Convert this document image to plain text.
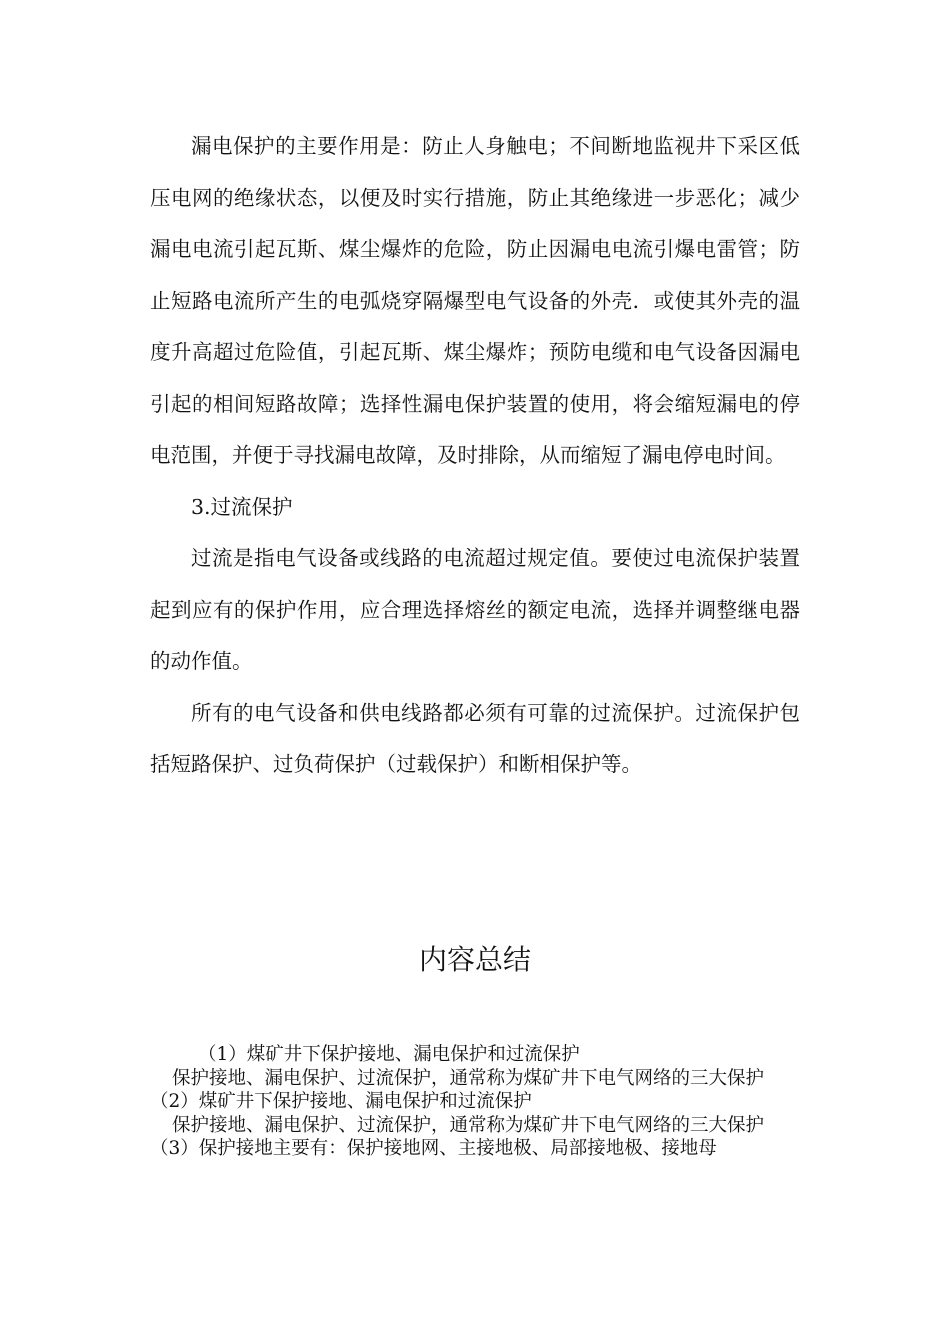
漏电保护的主要作用是：防止人身触电；不间断地监视井下采区低压电网的绝缘状态，以便及时实行措施，防止其绝缘进一步恶化；减少漏电电流引起瓦斯、煤尘爆炸的危险，防止因漏电电流引爆电雷管；防止短路电流所产生的电弧烧穿隔爆型电气设备的外壳．或使其外壳的温度升高超过危险值，引起瓦斯、煤尘爆炸；预防电缆和电气设备因漏电引起的相间短路故障；选择性漏电保护装置的使用，将会缩短漏电的停电范围，并便于寻找漏电故障，及时排除，从而缩短了漏电停电时间。

3.过流保护

过流是指电气设备或线路的电流超过规定值。要使过电流保护装置起到应有的保护作用，应合理选择熔丝的额定电流，选择并调整继电器的动作值。

所有的电气设备和供电线路都必须有可靠的过流保护。过流保护包括短路保护、过负荷保护（过载保护）和断相保护等。

内容总结

（1）煤矿井下保护接地、漏电保护和过流保护

保护接地、漏电保护、过流保护，通常称为煤矿井下电气网络的三大保护

（2）煤矿井下保护接地、漏电保护和过流保护

保护接地、漏电保护、过流保护，通常称为煤矿井下电气网络的三大保护

（3）保护接地主要有：保护接地网、主接地极、局部接地极、接地母
